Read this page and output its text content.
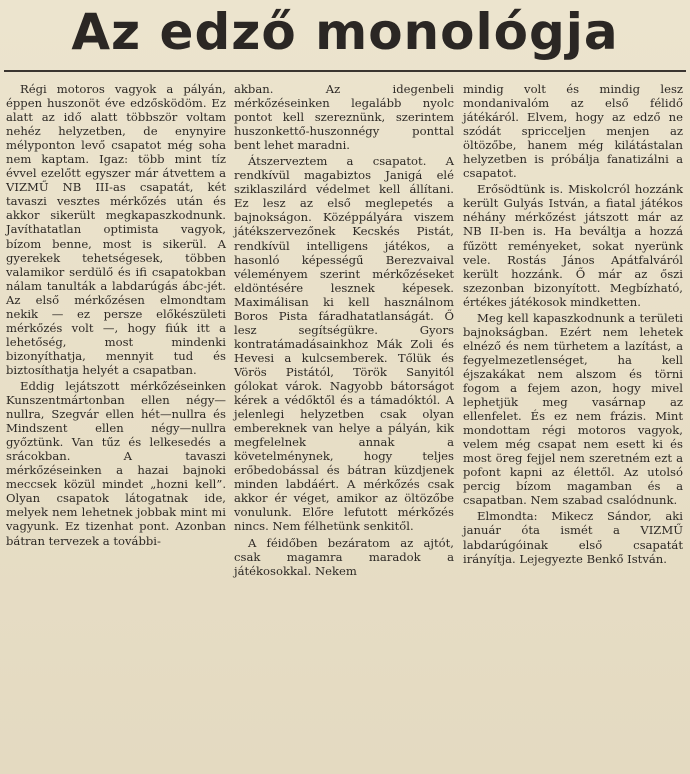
Az edző monológja

Régi motoros vagyok a pályán, éppen huszonöt éve edzősködöm. Ez alatt az idő alatt többször voltam nehéz helyzetben, de enynyire mélyponton levő csapatot még soha nem kaptam. Igaz: több mint tíz évvel ezelőtt egyszer már átvettem a VIZMŰ NB III-as csapatát, két tavaszi vesztes mérkőzés után és akkor sikerült megkapaszkodnunk. Javíthatatlan optimista vagyok, bízom benne, most is sikerül. A gyerekek tehetségesek, többen valamikor serdülő és ifi csapatokban nálam tanulták a labdarúgás ábc-jét. Az első mérkőzésen elmondtam nekik — ez persze előkészületi mérkőzés volt —, hogy fiúk itt a lehetőség, most mindenki bizonyíthatja, mennyit tud és biztosíthatja helyét a csapatban.

Eddig lejátszott mérkőzéseinken Kunszentmártonban ellen négy—nullra, Szegvár ellen hét—nullra és Mindszent ellen négy—nullra győztünk. Van tűz és lelkesedés a srácokban. A tavaszi mérkőzéseinken a hazai bajnoki meccsek közül mindet „hozni kell”. Olyan csapatok látogatnak ide, melyek nem lehetnek jobbak mint mi vagyunk. Ez tizenhat pont. Azonban bátran tervezek a további-

akban. Az idegenbeli mérkőzéseinken legalább nyolc pontot kell szereznünk, szerintem huszonkettő-huszonnégy ponttal bent lehet maradni.

Átszerveztem a csapatot. A rendkívül magabiztos Janigá elé sziklaszilárd védelmet kell állítani. Ez lesz az első meglepetés a bajnokságon. Középpályára viszem játékszervezőnek Kecskés Pistát, rendkívül intelligens játékos, a hasonló képességű Berezvaival véleményem szerint mérkőzéseket eldöntésére lesznek képesek. Maximálisan ki kell használnom Boros Pista fáradhatatlanságát. Ő lesz segítségükre. Gyors kontratámadásainkhoz Mák Zoli és Hevesi a kulcsemberek. Tőlük és Vörös Pistától, Török Sanyitól gólokat várok. Nagyobb bátorságot kérek a védőktől és a támadóktól. A jelenlegi helyzetben csak olyan embereknek van helye a pályán, kik megfelelnek annak a követelménynek, hogy teljes erőbedobással és bátran küzdjenek minden labdáért. A mérkőzés csak akkor ér véget, amikor az öltözőbe vonulunk. Előre lefutott mérkőzés nincs. Nem félhetünk senkitől.

A féidőben bezáratom az ajtót, csak magamra maradok a játékosokkal. Nekem

mindig volt és mindig lesz mondanivalóm az első félidő játékáról. Elvem, hogy az edző ne szódát spricceljen menjen az öltözőbe, hanem még kilátástalan helyzetben is próbálja fanatizálni a csapatot.

Erősödtünk is. Miskolcról hozzánk került Gulyás István, a fiatal játékos néhány mérkőzést játszott már az NB II-ben is. Ha beváltja a hozzá fűzött reményeket, sokat nyerünk vele. Rostás János Apátfalváról került hozzánk. Ő már az őszi szezonban bizonyított. Megbízható, értékes játékosok mindketten.

Meg kell kapaszkodnunk a területi bajnokságban. Ezért nem lehetek elnéző és nem türhetem a lazítást, a fegyelmezetlenséget, ha kell éjszakákat nem alszom és törni fogom a fejem azon, hogy mivel lephetjük meg vasárnap az ellenfelet. És ez nem frázis. Mint mondottam régi motoros vagyok, velem még csapat nem esett ki és most öreg fejjel nem szeretném ezt a pofont kapni az élettől. Az utolsó percig bízom magamban és a csapatban. Nem szabad csalódnunk.

Elmondta: Mikecz Sándor, aki január óta ismét a VIZMŰ labdarúgóinak első csapatát irányítja. Lejegyezte Benkő István.
